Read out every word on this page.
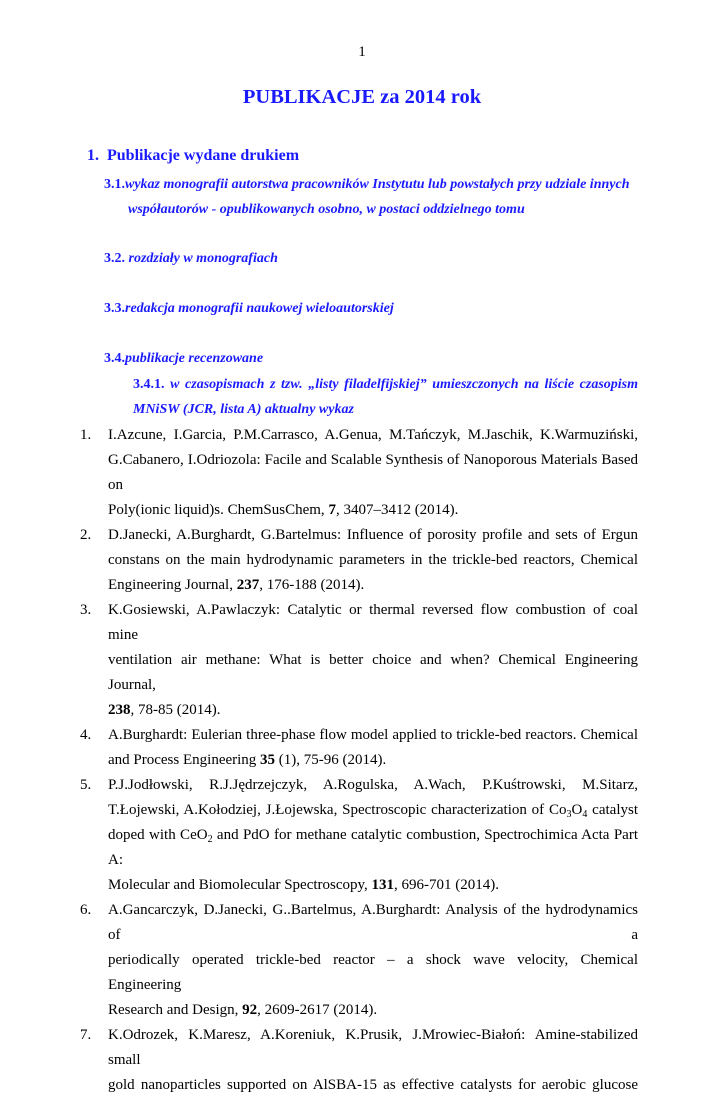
1
PUBLIKACJE za 2014 rok
1. Publikacje wydane drukiem
3.1.wykaz monografii autorstwa pracowników Instytutu lub powstałych przy udziale innych
współautorów - opublikowanych osobno, w postaci oddzielnego tomu
3.2. rozdziały w monografiach
3.3.redakcja monografii naukowej wieloautorskiej
3.4.publikacje recenzowane
3.4.1. w czasopismach z tzw. „listy filadelfijskiej” umieszczonych na liście czasopism MNiSW (JCR, lista A) aktualny wykaz
1. I.Azcune, I.Garcia, P.M.Carrasco, A.Genua, M.Tańczyk, M.Jaschik, K.Warmuziński,
G.Cabanero, I.Odriozola: Facile and Scalable Synthesis of Nanoporous Materials Based on
Poly(ionic liquid)s. ChemSusChem, 7, 3407–3412 (2014).
2. D.Janecki, A.Burghardt, G.Bartelmus: Influence of porosity profile and sets of Ergun
constans on the main hydrodynamic parameters in the trickle-bed reactors, Chemical
Engineering Journal, 237, 176-188 (2014).
3. K.Gosiewski, A.Pawlaczyk: Catalytic or thermal reversed flow combustion of coal mine
ventilation air methane: What is better choice and when? Chemical Engineering Journal,
238, 78-85 (2014).
4. A.Burghardt: Eulerian three-phase flow model applied to trickle-bed reactors. Chemical
and Process Engineering 35 (1), 75-96 (2014).
5. P.J.Jodłowski,   R.J.Jędrzejczyk,   A.Rogulska,   A.Wach,   P.Kuśtrowski,   M.Sitarz,
T.Łojewski, A.Kołodziej, J.Łojewska, Spectroscopic characterization of $Co_3O_4$ catalyst
doped with CeO$_2$ and PdO for methane catalytic combustion, Spectrochimica Acta Part A:
Molecular and Biomolecular Spectroscopy, 131, 696-701 (2014).
6. A.Gancarczyk, D.Janecki, G..Bartelmus, A.Burghardt: Analysis of the hydrodynamics of a
periodically operated trickle-bed reactor – a shock wave velocity, Chemical Engineering
Research and Design, 92, 2609-2617 (2014).
7. K.Odrozek, K.Maresz, A.Koreniuk, K.Prusik, J.Mrowiec-Białoń: Amine-stabilized small
gold nanoparticles supported on AlSBA-15 as effective catalysts for aerobic glucose
